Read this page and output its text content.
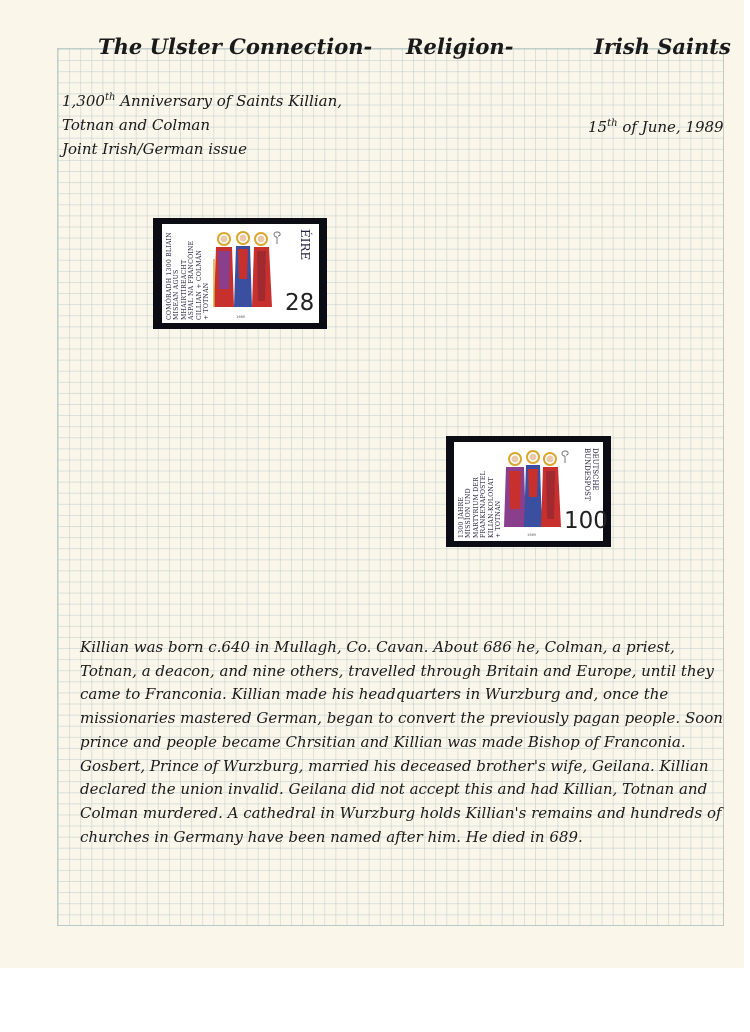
The Ulster Connection- Religion-	Irish Saints
1,300th Anniversary of Saints Killian,
Totnan and Colman
Joint Irish/German issue
15th of June, 1989
COMÓRADH 1300 BLIAIN MISEAN AGUS MHAIRTIREACHT ASPAL NA FRANCÓINE CILLIAN + COLMÁN + TOTNAN
ÉIRE
28
1989
1300 JAHRE MISSION UND MARTYRIUM DER FRANKENAPOSTEL KILIAN-KOLONAT + TOTNAN
DEUTSCHE BUNDESPOST
100
1989
Killian was born c.640 in Mullagh, Co. Cavan. About 686 he, Colman, a priest,
Totnan, a deacon, and nine others, travelled through Britain and Europe, until they
came to Franconia. Killian made his headquarters in Wurzburg and, once the
missionaries mastered German, began to convert the previously pagan people. Soon
prince and people became Chrsitian and Killian was made Bishop of Franconia.
Gosbert, Prince of Wurzburg, married his deceased brother's wife, Geilana. Killian
declared the union invalid. Geilana did not accept this and had Killian, Totnan and
Colman murdered. A cathedral in Wurzburg holds Killian's remains and hundreds of
churches in Germany have been named after him. He died in 689.
